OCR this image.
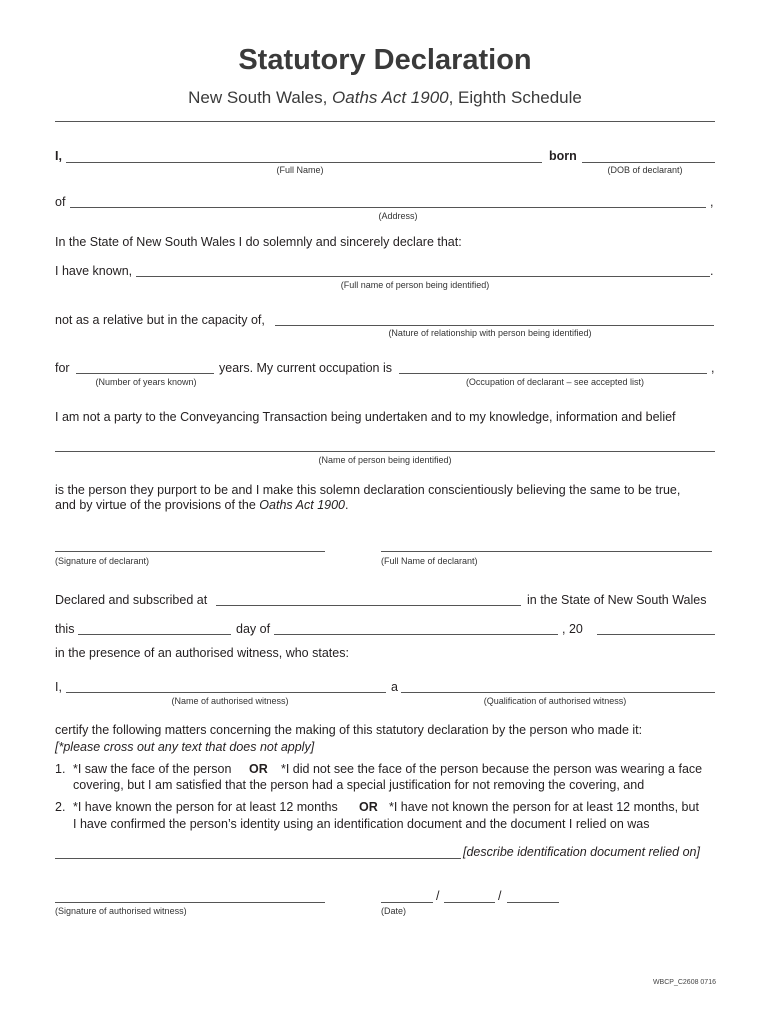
Statutory Declaration
New South Wales, Oaths Act 1900, Eighth Schedule
I,	born
(Full Name)	(DOB of declarant)
of	,
(Address)
In the State of New South Wales I do solemnly and sincerely declare that:
I have known,	.
(Full name of person being identified)
not as a relative but in the capacity of,
(Nature of relationship with person being identified)
for	years. My current occupation is	,
(Number of years known)	(Occupation of declarant – see accepted list)
I am not a party to the Conveyancing Transaction being undertaken and to my knowledge, information and belief
(Name of person being identified)
is the person they purport to be and I make this solemn declaration conscientiously believing the same to be true,
and by virtue of the provisions of the Oaths Act 1900.
(Signature of declarant)	(Full Name of declarant)
Declared and subscribed at	in the State of New South Wales
this	day of	, 20
in the presence of an authorised witness, who states:
I,	a
(Name of authorised witness)	(Qualification of authorised witness)
certify the following matters concerning the making of this statutory declaration by the person who made it:
[*please cross out any text that does not apply]
1. *I saw the face of the person OR *I did not see the face of the person because the person was wearing a face
covering, but I am satisfied that the person had a special justification for not removing the covering, and
2. *I have known the person for at least 12 months OR *I have not known the person for at least 12 months, but
I have confirmed the person’s identity using an identification document and the document I relied on was
[describe identification document relied on]
(Signature of authorised witness)
/	/
(Date)
WBCP_C2608 0716
